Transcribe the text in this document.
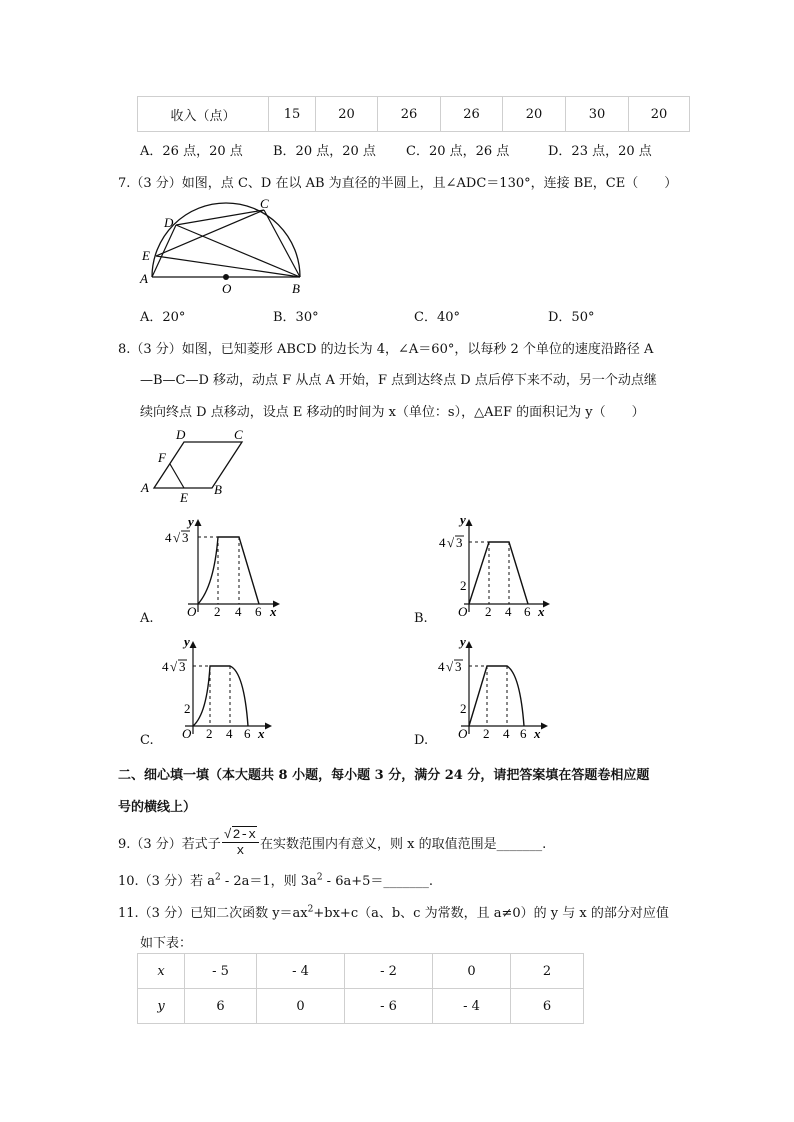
收入（点）	15	20	26	26	20	30	20
A．26 点，20 点 B．20 点，20 点 C．20 点，26 点	D．23 点，20 点
7.（3 分）如图，点 C、D 在以 AB 为直径的半圆上，且∠ADC＝130°，连接 BE，CE（　　）
D
C
E
A
O	B
A．20°	B．30°	C．40°	D．50°
8.（3 分）如图，已知菱形 ABCD 的边长为 4，∠A＝60°，以每秒 2 个单位的速度沿路径 A
—B—C—D 移动，动点 F 从点 A 开始，F 点到达终点 D 点后停下来不动，另一个动点继
续向终点 D 点移动，设点 E 移动的时间为 x（单位：s），△AEF 的面积记为 y（　　）
D	C
F
A
E
B
y
4 √ 3
O 2 4 6 x
A.
y
4 √ 3
2
O 2 4 6 x
B.
y
4 √ 3
2
O 2 4 6 x
C.
y
4 √ 3
2
O 2 4 6 x
D.
二、细心填一填（本大题共 8 小题，每小题 3 分，满分 24 分，请把答案填在答题卷相应题
号的横线上）
9.（3 分）若式子 $\frac{√2-x}{x}$ 在实数范围内有意义，则 x 的取值范围是_______.
10.（3 分）若 $a^2 - 2a=1$，则 $3a^2$ - 6a+5＝_______.
11.（3 分）已知二次函数 $y=ax^2+bx+c(a$、b、c 为常数，且 a≠0）的 y 与 x 的部分对应值
如下表：
x	- 5	- 4	- 2	0	2
y	6	0	- 6	- 4	6
